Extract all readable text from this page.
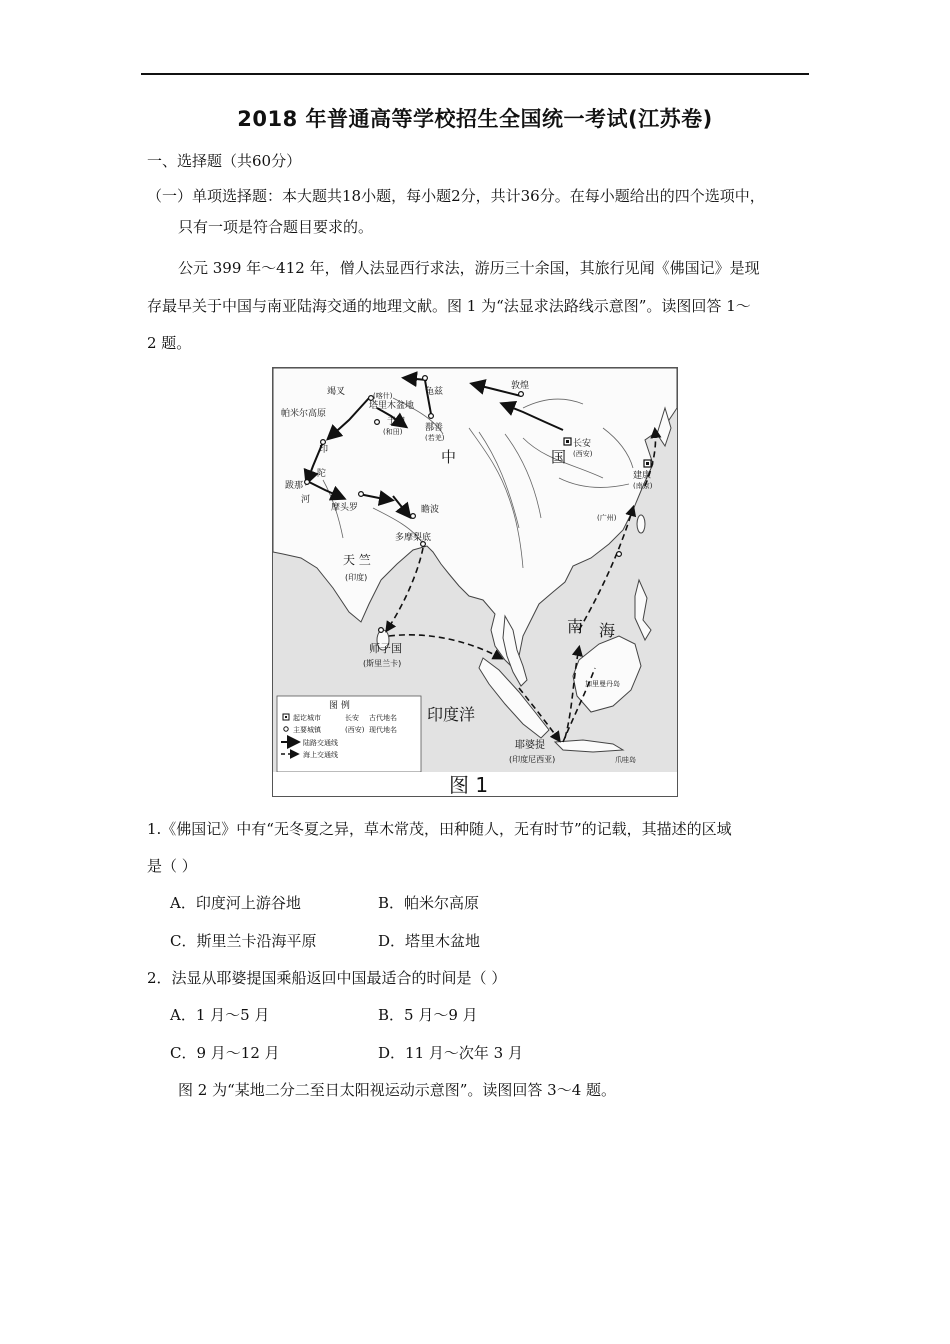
2018 年普通高等学校招生全国统一考试(江苏卷)
一、选择题（共60分）
（一）单项选择题：本大题共18小题，每小题2分，共计36分。在每小题给出的四个选项中，
只有一项是符合题目要求的。
公元 399 年～412 年，僧人法显西行求法，游历三十余国，其旅行见闻《佛国记》是现
存最早关于中国与南亚陆海交通的地理文献。图 1 为“法显求法路线示意图”。读图回答 1～
2 题。
敦煌
龟兹
竭叉	(喀什)
塔里木盆地
于阗
(和田)	鄯善
(若羌)
帕米尔高原
长安
(西安)
建康
(南京)
(广州)
中	国
陀
印
河
跋那
摩头罗	瞻波
多摩梨底
天 竺
(印度)
师子国
(斯里兰卡)
南 海
加里曼丹岛
印度洋
耶婆提
(印度尼西亚)	爪哇岛
图 例
起讫城市	长安 古代地名
主要城镇	(西安) 现代地名
陆路交通线
海上交通线
图 1
1.《佛国记》中有“无冬夏之异，草木常茂，田种随人，无有时节”的记载，其描述的区域
是（ ）
A．印度河上游谷地	B．帕米尔高原
C．斯里兰卡沿海平原	D．塔里木盆地
2．法显从耶婆提国乘船返回中国最适合的时间是（ ）
A．1 月～5 月	B．5 月～9 月
C．9 月～12 月	D．11 月～次年 3 月
图 2 为“某地二分二至日太阳视运动示意图”。读图回答 3～4 题。
